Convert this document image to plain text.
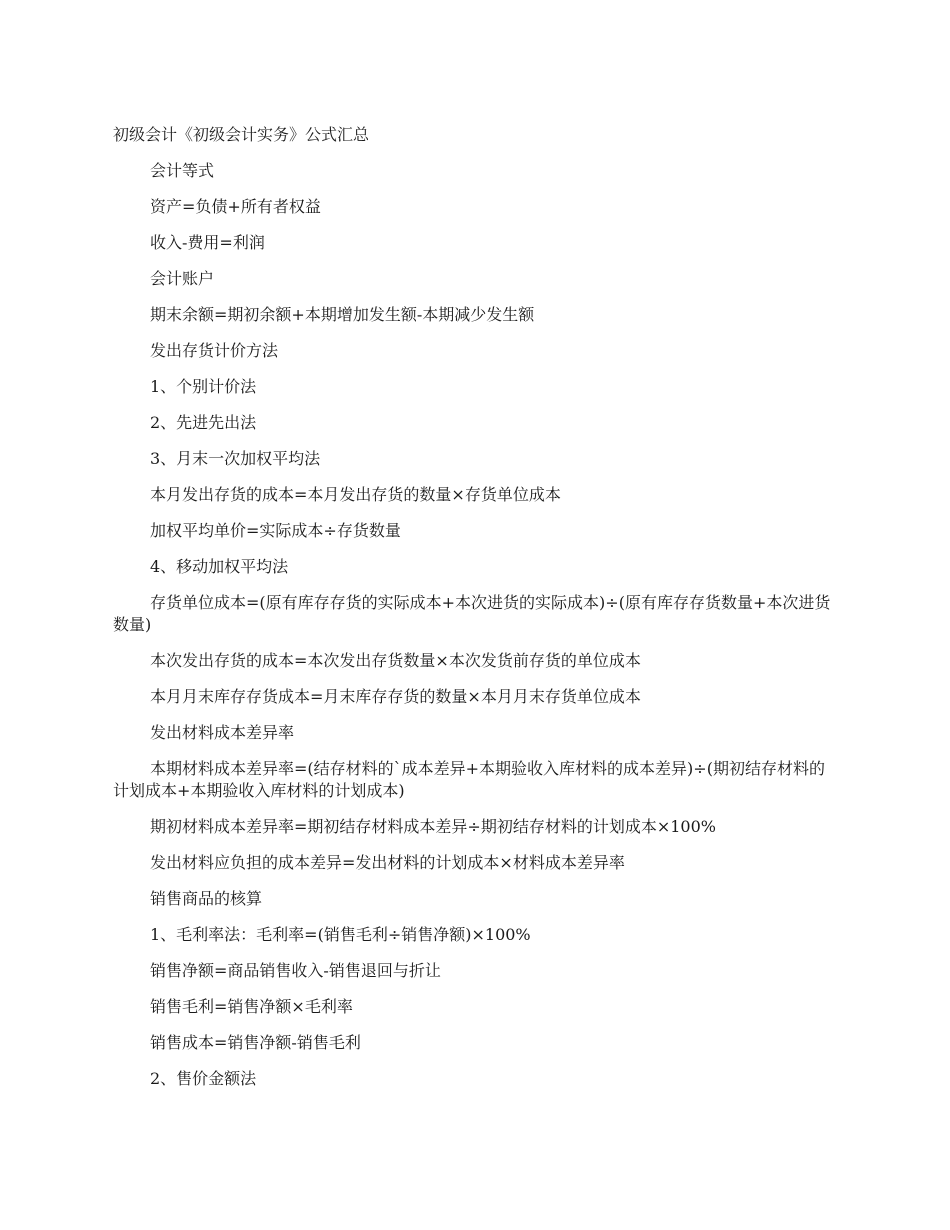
初级会计《初级会计实务》公式汇总
会计等式
资产=负债+所有者权益
收入-费用=利润
会计账户
期末余额=期初余额+本期增加发生额-本期减少发生额
发出存货计价方法
1、个别计价法
2、先进先出法
3、月末一次加权平均法
本月发出存货的成本=本月发出存货的数量×存货单位成本
加权平均单价=实际成本÷存货数量
4、移动加权平均法
存货单位成本=(原有库存存货的实际成本+本次进货的实际成本)÷(原有库存存货数量+本次进货数量)
本次发出存货的成本=本次发出存货数量×本次发货前存货的单位成本
本月月末库存存货成本=月末库存存货的数量×本月月末存货单位成本
发出材料成本差异率
本期材料成本差异率=(结存材料的`成本差异+本期验收入库材料的成本差异)÷(期初结存材料的计划成本+本期验收入库材料的计划成本)
期初材料成本差异率=期初结存材料成本差异÷期初结存材料的计划成本×100%
发出材料应负担的成本差异=发出材料的计划成本×材料成本差异率
销售商品的核算
1、毛利率法：毛利率=(销售毛利÷销售净额)×100%
销售净额=商品销售收入-销售退回与折让
销售毛利=销售净额×毛利率
销售成本=销售净额-销售毛利
2、售价金额法
